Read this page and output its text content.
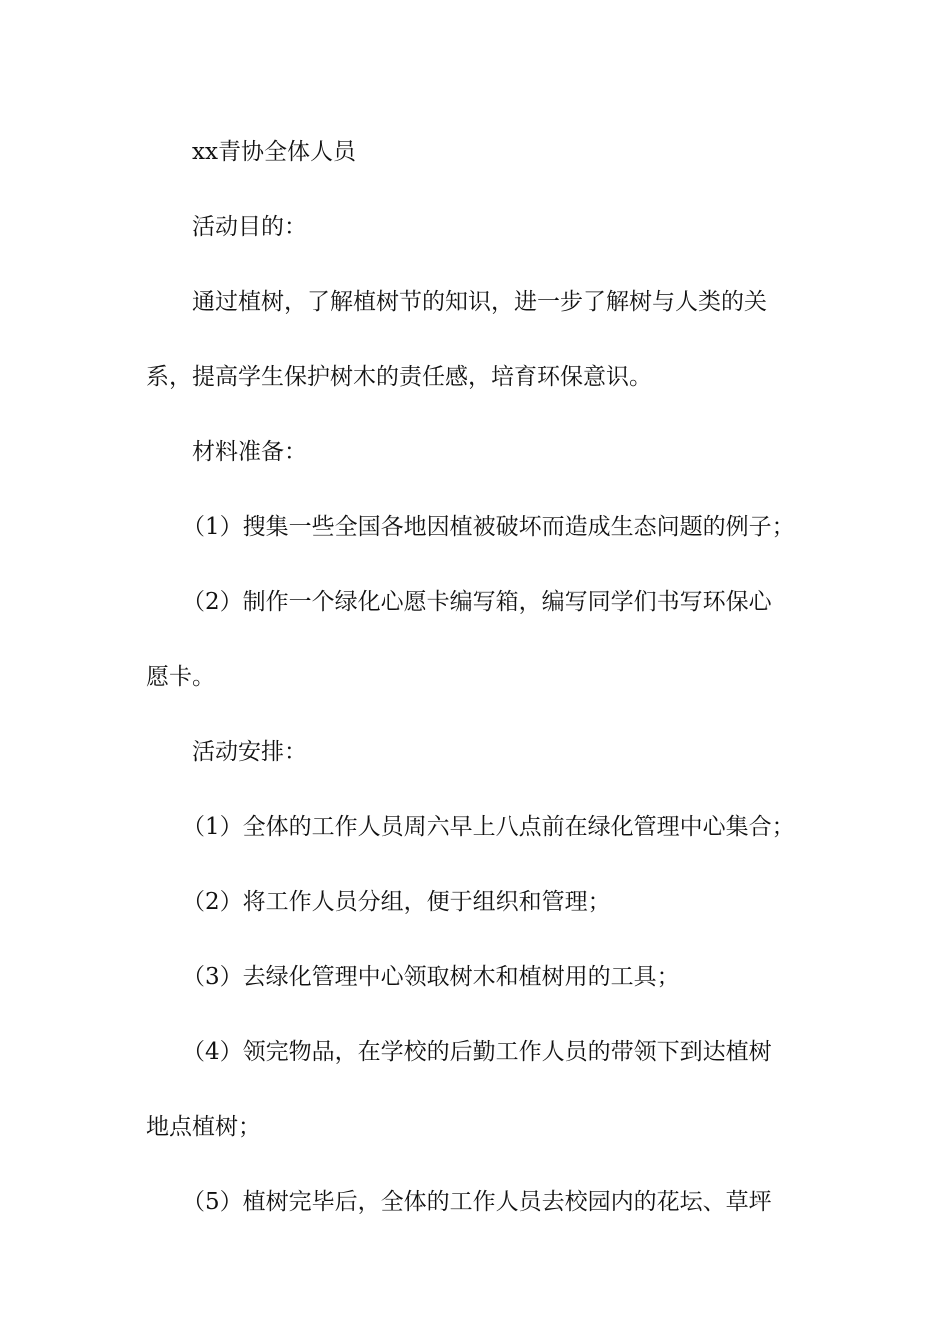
xx青协全体人员

活动目的：

通过植树，了解植树节的知识，进一步了解树与人类的关

系，提高学生保护树木的责任感，培育环保意识。

材料准备：

（1）搜集一些全国各地因植被破坏而造成生态问题的例子；

（2）制作一个绿化心愿卡编写箱，编写同学们书写环保心

愿卡。

活动安排：

（1）全体的工作人员周六早上八点前在绿化管理中心集合；

（2）将工作人员分组，便于组织和管理；

（3）去绿化管理中心领取树木和植树用的工具；

（4）领完物品，在学校的后勤工作人员的带领下到达植树

地点植树；

（5）植树完毕后，全体的工作人员去校园内的花坛、草坪
